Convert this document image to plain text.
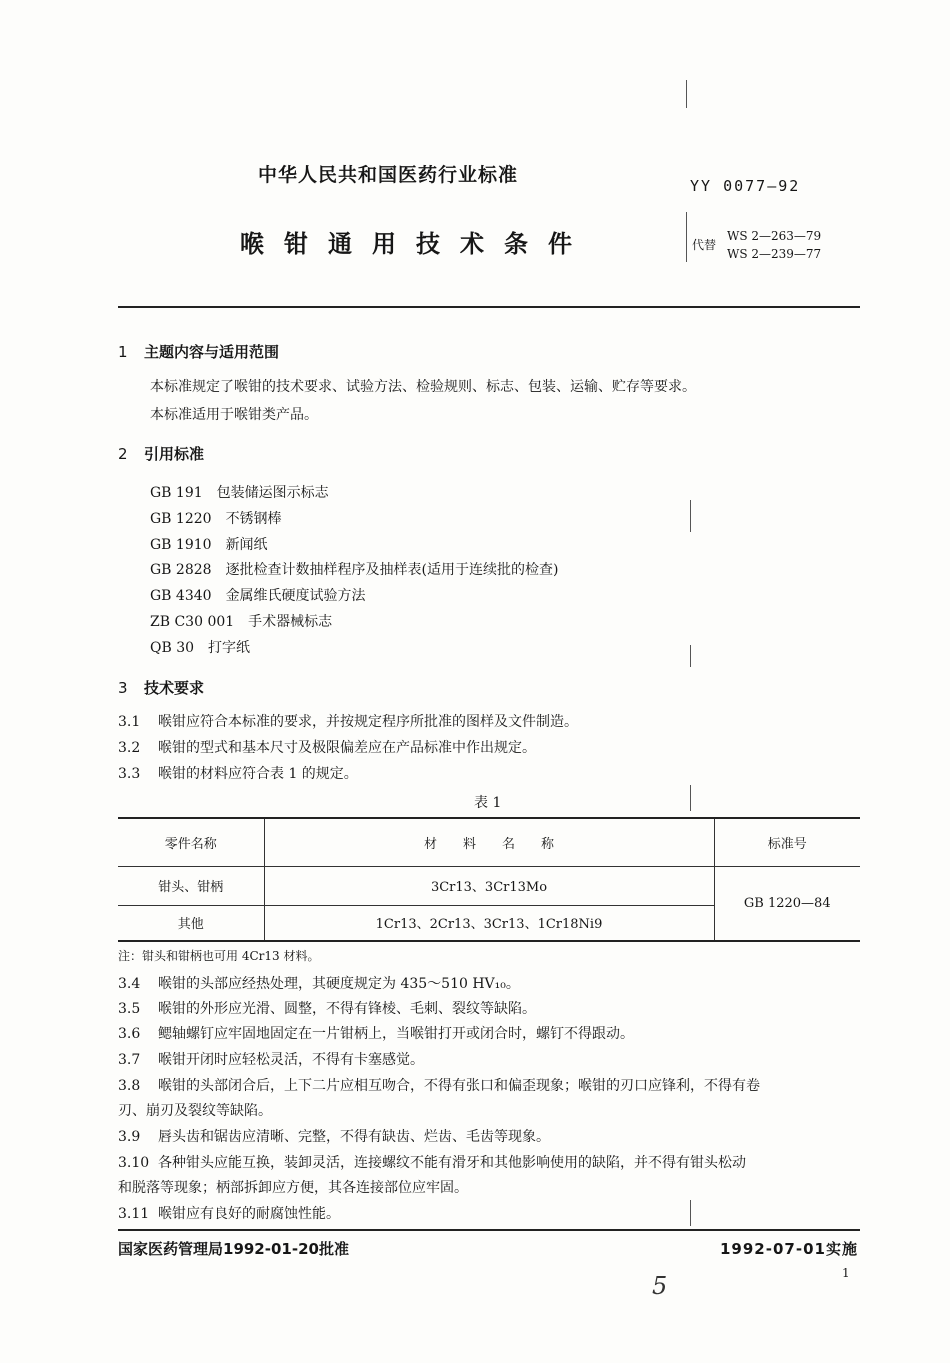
中华人民共和国医药行业标准	YY 0077—92
喉钳通用技术条件	代替
WS 2—263—79
WS 2—239—77
1 主题内容与适用范围
本标准规定了喉钳的技术要求、试验方法、检验规则、标志、包装、运输、贮存等要求。
本标准适用于喉钳类产品。
2 引用标准
GB 191　 包装储运图示标志
GB 1220　 不锈钢棒
GB 1910　 新闻纸
GB 2828　 逐批检查计数抽样程序及抽样表(适用于连续批的检查)
GB 4340　 金属维氏硬度试验方法
ZB C30 001　 手术器械标志
QB 30　 打字纸
3 技术要求
3.1 喉钳应符合本标准的要求，并按规定程序所批准的图样及文件制造。
3.2 喉钳的型式和基本尺寸及极限偏差应在产品标准中作出规定。
3.3 喉钳的材料应符合表 1 的规定。
表 1
零件名称	材　　料　　名　　称	标准号
钳头、钳柄	3Cr13、3Cr13Mo	GB 1220—84
其他	1Cr13、2Cr13、3Cr13、1Cr18Ni9	
注：钳头和钳柄也可用 4Cr13 材料。
3.4 喉钳的头部应经热处理，其硬度规定为 435～510 HV₁₀。
3.5 喉钳的外形应光滑、圆整，不得有锋棱、毛刺、裂纹等缺陷。
3.6 鳃轴螺钉应牢固地固定在一片钳柄上，当喉钳打开或闭合时，螺钉不得跟动。
3.7 喉钳开闭时应轻松灵活，不得有卡塞感觉。
3.8 喉钳的头部闭合后，上下二片应相互吻合，不得有张口和偏歪现象；喉钳的刃口应锋利，不得有卷
刃、崩刃及裂纹等缺陷。
3.9 唇头齿和锯齿应清晰、完整，不得有缺齿、烂齿、毛齿等现象。
3.10 各种钳头应能互换，装卸灵活，连接螺纹不能有滑牙和其他影响使用的缺陷，并不得有钳头松动
和脱落等现象；柄部拆卸应方便，其各连接部位应牢固。
3.11 喉钳应有良好的耐腐蚀性能。
国家医药管理局1992-01-20批准	1992-07-01实施
1
5
